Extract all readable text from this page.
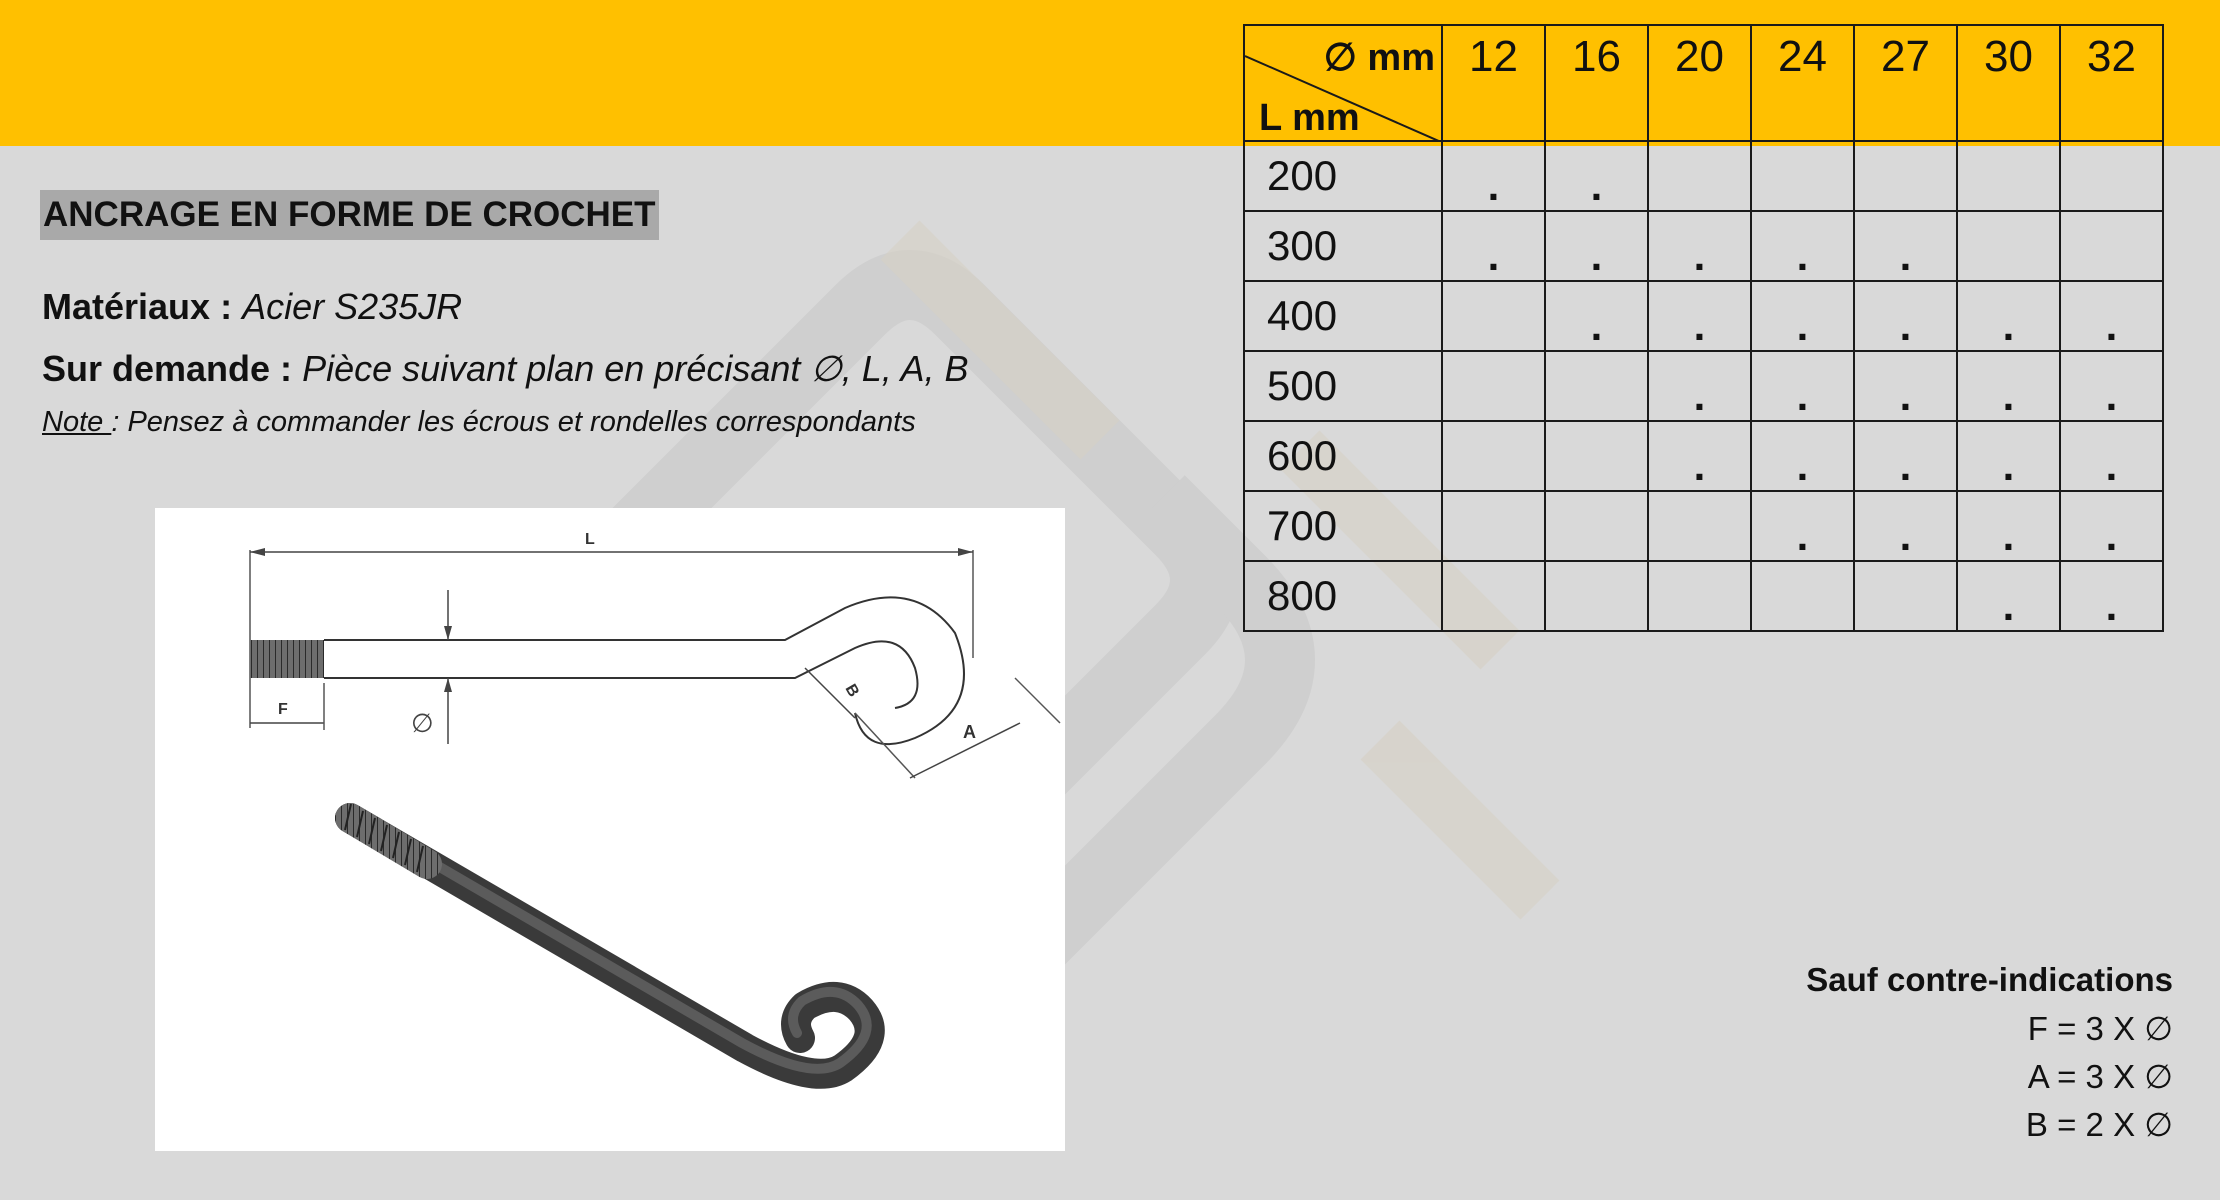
ANCRAGE EN FORME DE CROCHET
Matériaux : Acier S235JR
Sur demande : Pièce suivant plan en précisant ∅, L, A, B
Note : Pensez à commander les écrous et rondelles correspondants
L
F	∅
B
A
∅ mm
L mm	12	16	20	24	27	30	32
200	.	.					
300	.	.	.	.	.		
400		.	.	.	.	.	.
500			.	.	.	.	.
600			.	.	.	.	.
700				.	.	.	.
800						.	.
Sauf contre-indications
F = 3 X ∅
A = 3 X ∅
B = 2 X ∅
